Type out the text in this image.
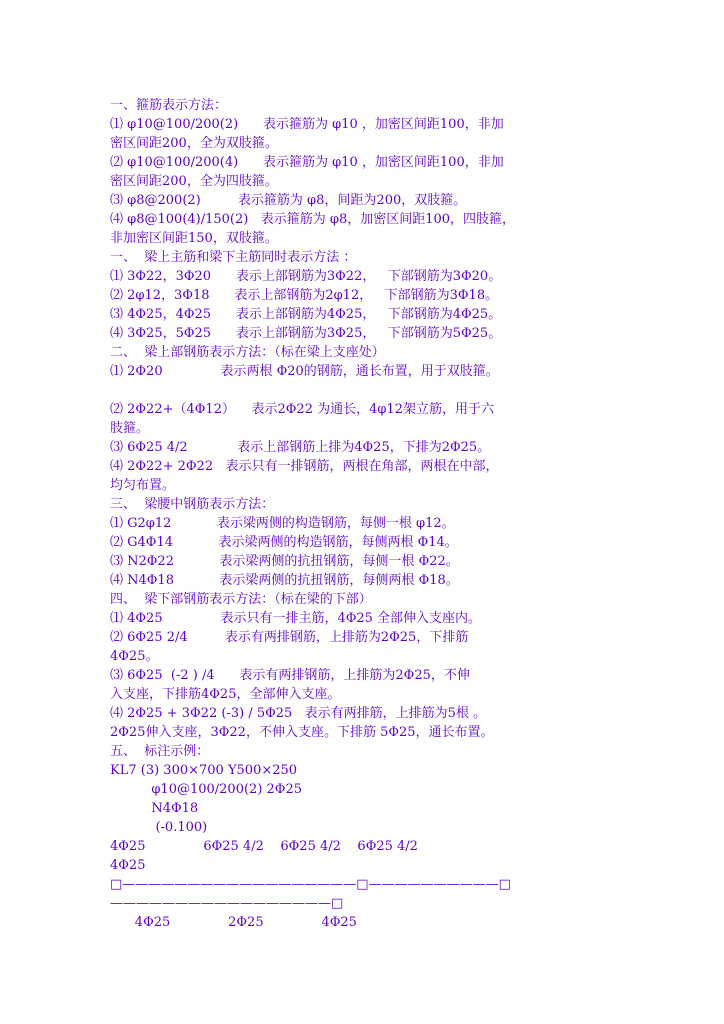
一、箍筋表示方法：
⑴ φ10@100/200(2)      表示箍筋为 φ10 ，加密区间距100，非加
密区间距200，全为双肢箍。
⑵ φ10@100/200(4)      表示箍筋为 φ10 ，加密区间距100，非加
密区间距200，全为四肢箍。
⑶ φ8@200(2)         表示箍筋为 φ8，间距为200，双肢箍。
⑷ φ8@100(4)/150(2)   表示箍筋为 φ8，加密区间距100，四肢箍，
非加密区间距150，双肢箍。
一、  梁上主筋和梁下主筋同时表示方法 ：
⑴ 3Φ22，3Φ20      表示上部钢筋为3Φ22，   下部钢筋为3Φ20。
⑵ 2φ12，3Φ18      表示上部钢筋为2φ12，   下部钢筋为3Φ18。
⑶ 4Φ25，4Φ25      表示上部钢筋为4Φ25，   下部钢筋为4Φ25。
⑷ 3Φ25，5Φ25      表示上部钢筋为3Φ25，   下部钢筋为5Φ25。
二、  梁上部钢筋表示方法：（标在梁上支座处）
⑴ 2Φ20              表示两根 Φ20的钢筋，通长布置，用于双肢箍。
⑵ 2Φ22+（4Φ12）    表示2Φ22 为通长，4φ12架立筋，用于六
肢箍。
⑶ 6Φ25 4/2            表示上部钢筋上排为4Φ25，下排为2Φ25。
⑷ 2Φ22+ 2Φ22   表示只有一排钢筋，两根在角部，两根在中部，
均匀布置。
三、  梁腰中钢筋表示方法：
⑴ G2φ12           表示梁两侧的构造钢筋，每侧一根 φ12。
⑵ G4Φ14           表示梁两侧的构造钢筋，每侧两根 Φ14。
⑶ N2Φ22           表示梁两侧的抗扭钢筋，每侧一根 Φ22。
⑷ N4Φ18           表示梁两侧的抗扭钢筋，每侧两根 Φ18。
四、  梁下部钢筋表示方法：（标在梁的下部）
⑴ 4Φ25              表示只有一排主筋，4Φ25 全部伸入支座内。
⑵ 6Φ25 2/4         表示有两排钢筋，上排筋为2Φ25，下排筋
4Φ25。
⑶ 6Φ25  (-2 ) /4      表示有两排钢筋，上排筋为2Φ25，不伸
入支座，下排筋4Φ25，全部伸入支座。
⑷ 2Φ25 + 3Φ22 (-3) / 5Φ25   表示有两排筋，上排筋为5根 。
2Φ25伸入支座，3Φ22，不伸入支座。下排筋 5Φ25，通长布置。
五、  标注示例：
KL7 (3) 300×700 Y500×250
φ10@100/200(2) 2Φ25
N4Φ18
(-0.100)
4Φ25              6Φ25 4/2    6Φ25 4/2    6Φ25 4/2
4Φ25
□——————————————————□——————————□
—————————————————□
4Φ25              2Φ25              4Φ25
